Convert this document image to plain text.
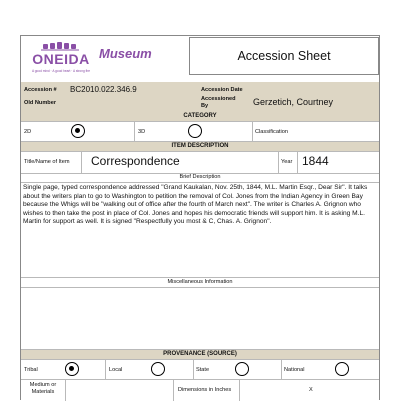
ONEIDA
A good mind · A good heart · A strong fire
Museum	Accession Sheet
Accession # BC2010.022.346.9	Accession Date
Old Number
Accessioned By	Gerzetich, Courtney
CATEGORY
2D	3D	Classification
ITEM DESCRIPTION
Title/Name of Item Correspondence	Year 1844
Brief Description
Single page, typed correspondence addressed "Grand Kaukalan, Nov. 25th, 1844, M.L. Martin Esqr., Dear Sir". It talks about the writers plan to go to Washington to petition the removal of Col. Jones from the Indian Agency in Green Bay because the Whigs will be "walking out of office after the fourth of March next". The writer is Charles A. Grignon who wishes to then take the post in place of Col. Jones and hopes his democratic friends will support him. It is asking M.L. Martin for support as well. It is signed "Respectfully you most & C, Chas. A. Grignon".
Miscellaneous Information
PROVENANCE (SOURCE)
Tribal	Local	State	National
Medium or Materials	Dimensions in Inches	X
